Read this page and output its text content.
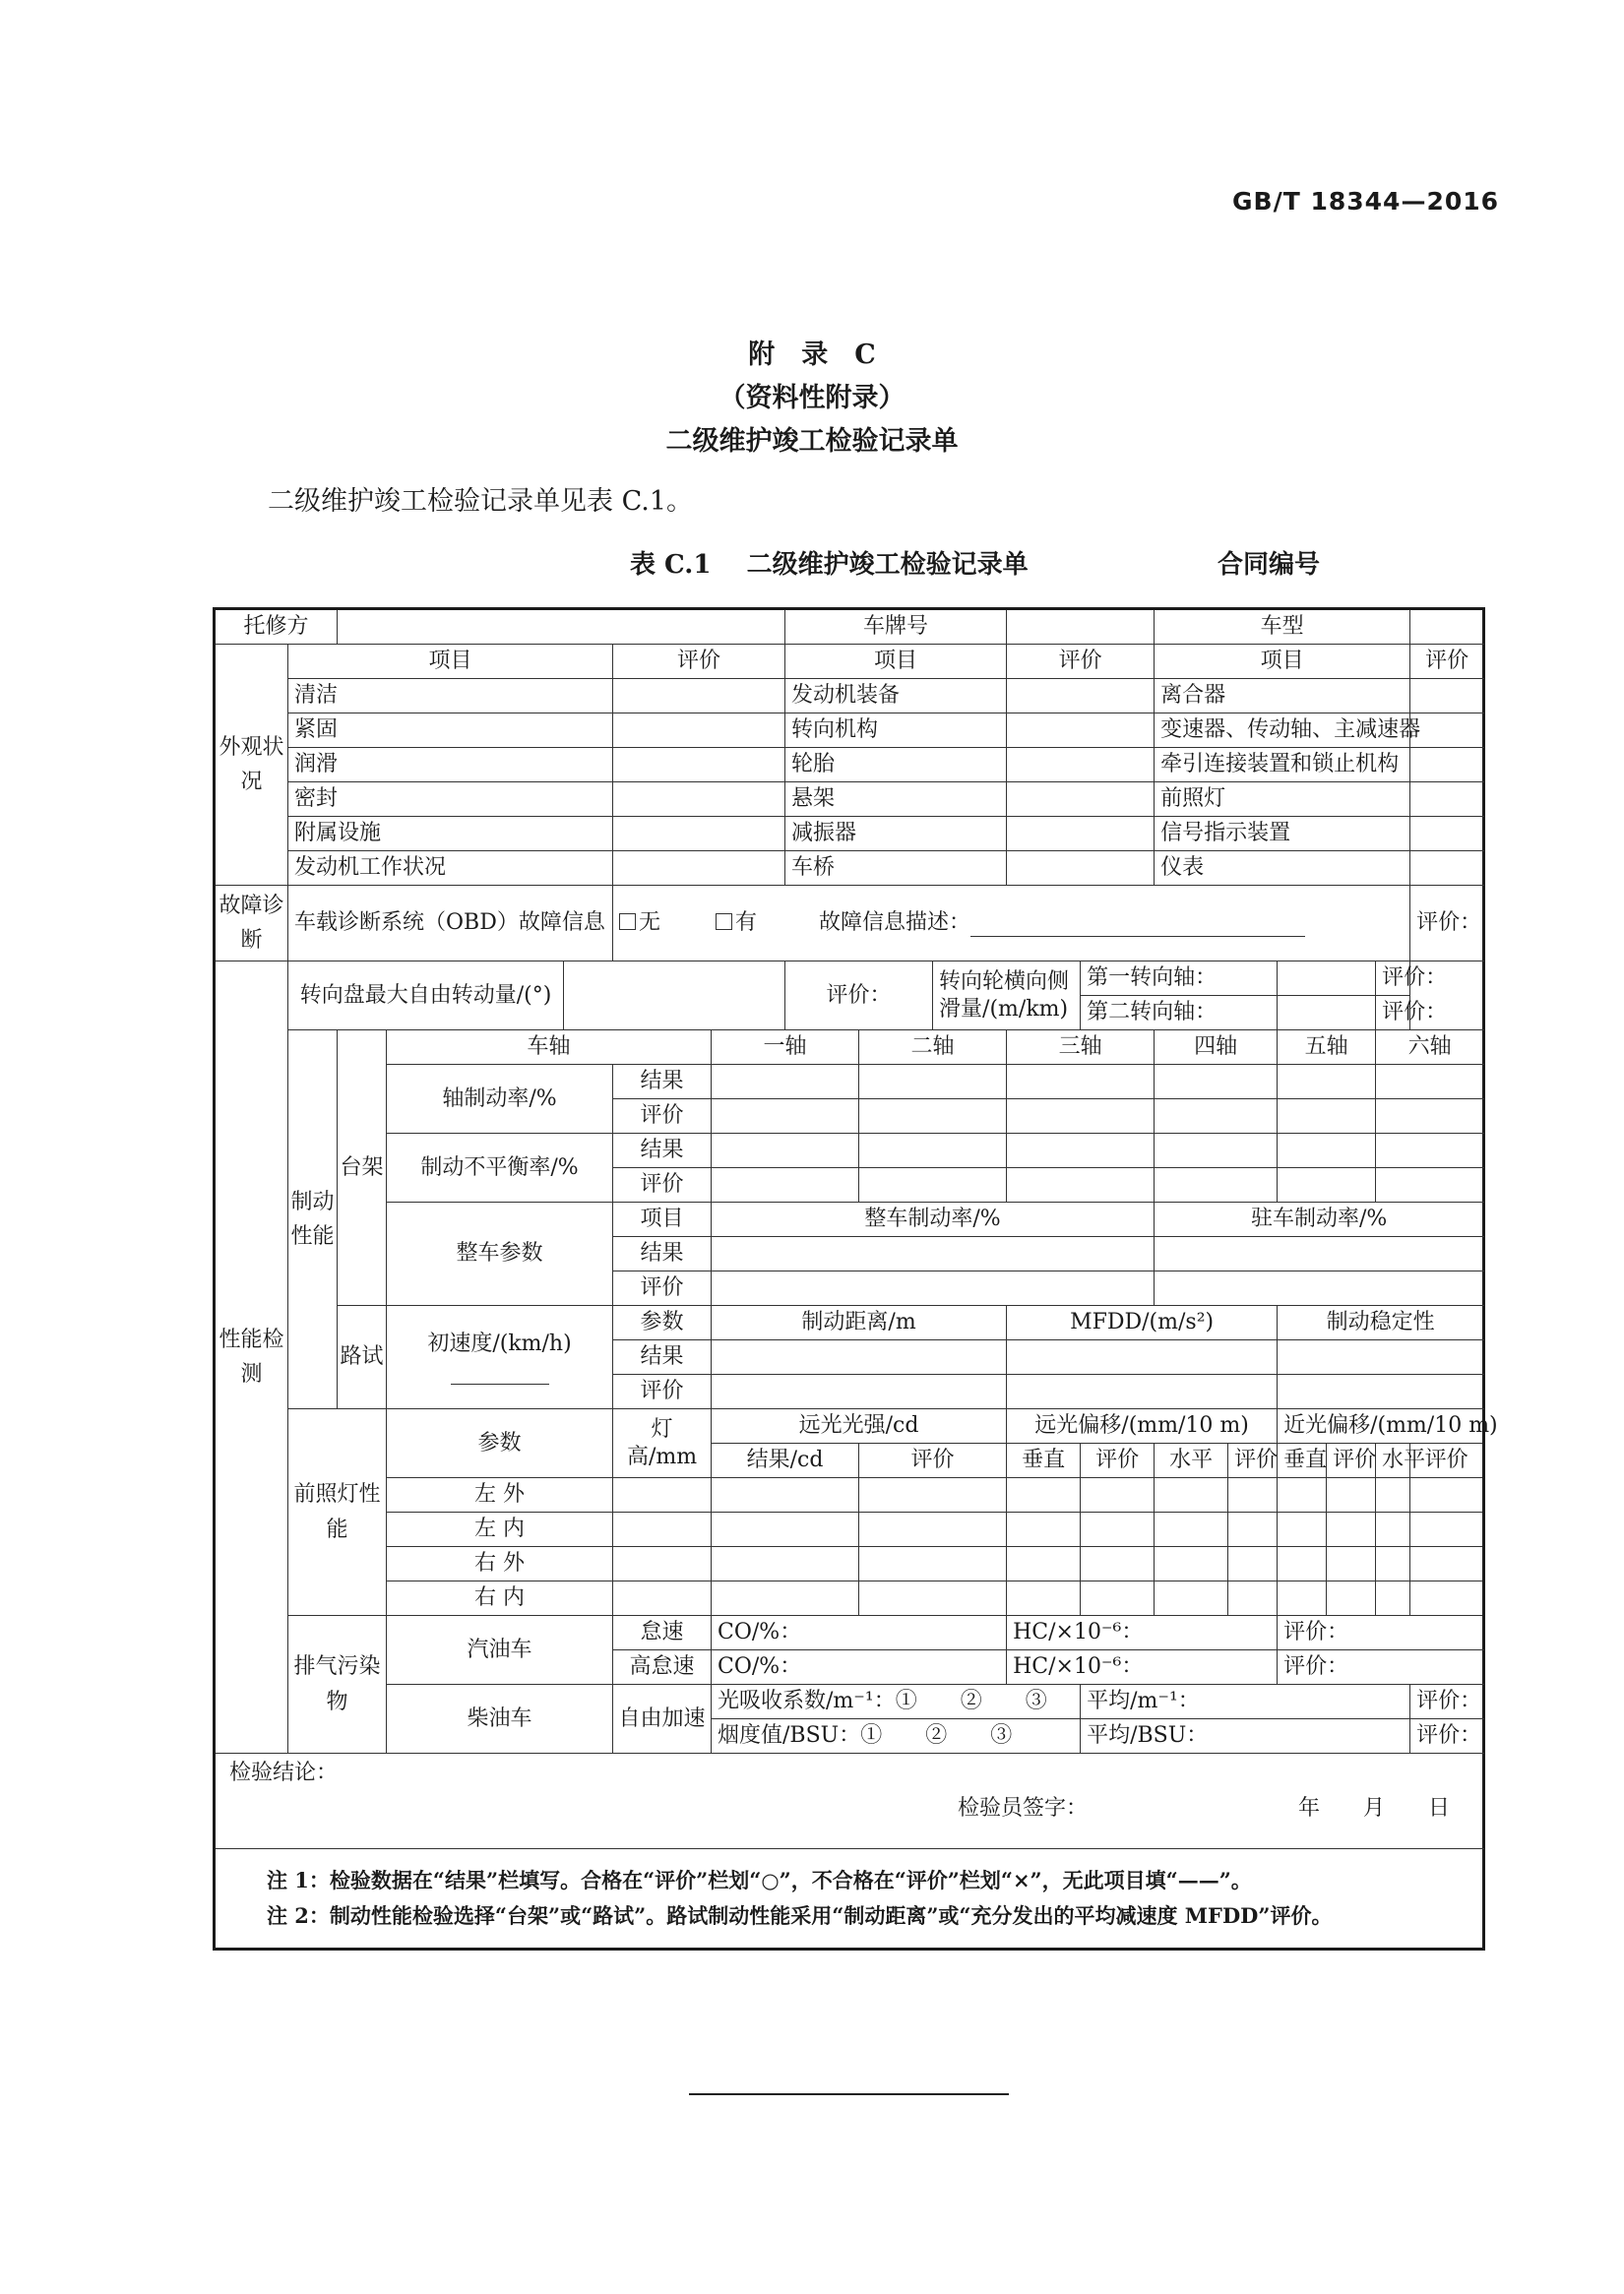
GB/T 18344—2016
附　录　C
（资料性附录）
二级维护竣工检验记录单
二级维护竣工检验记录单见表 C.1。
表 C.1 二级维护竣工检验记录单	合同编号
托修方							车牌号					车型					
外观状况	项目				评价		项目			评价		项目					评价
	清洁						发动机装备					离合器					
	紧固						转向机构					变速器、传动轴、主减速器					
	润滑						轮胎					牵引连接装置和锁止机构					
	密封						悬架					前照灯					
	附属设施						减振器					信号指示装置					
	发动机工作状况						车桥					仪表					
故障诊断	车载诊断系统（OBD）故障信息				无 有 故障信息描述：												评价：
性能检测	转向盘最大自由转动量/(°)						评价：		转向轮横向侧滑量/(m/km)		第一转向轴：					评价：	
											第二转向轴：					评价：	
	制动性能	台架	车轴			一轴		二轴		三轴		四轴		五轴		六轴	
			轴制动率/%		结果												
					评价												
			制动不平衡率/%		结果												
					评价												
			整车参数		项目	整车制动率/%						驻车制动率/%					
					结果												
					评价												
		路试	初速度/(km/h)		参数	制动距离/m				MFDD/(m/s²)				制动稳定性			
					结果												
					评价												
	前照灯性能		参数		灯高/mm	远光光强/cd				远光偏移/(mm/10 m)				近光偏移/(mm/10 m)			
						结果/cd		评价		垂直	评价	水平	评价	垂直	评价	水平	评价
			左 外														
			左 内														
			右 外														
			右 内														
	排气污染物		汽油车		怠速	CO/%：				HC/×10⁻⁶：				评价：			
					高怠速	CO/%：				HC/×10⁻⁶：				评价：			
			柴油车		自由加速	光吸收系数/m⁻¹：①　　②　　③					平均/m⁻¹：						评价：
						烟度值/BSU：①　　②　　③					平均/BSU：						评价：

检验结论：
检验员签字： 年　　月　　日																	

注 1：检验数据在“结果”栏填写。合格在“评价”栏划“○”，不合格在“评价”栏划“×”，无此项目填“——”。
注 2：制动性能检验选择“台架”或“路试”。路试制动性能采用“制动距离”或“充分发出的平均减速度 MFDD”评价。																	
